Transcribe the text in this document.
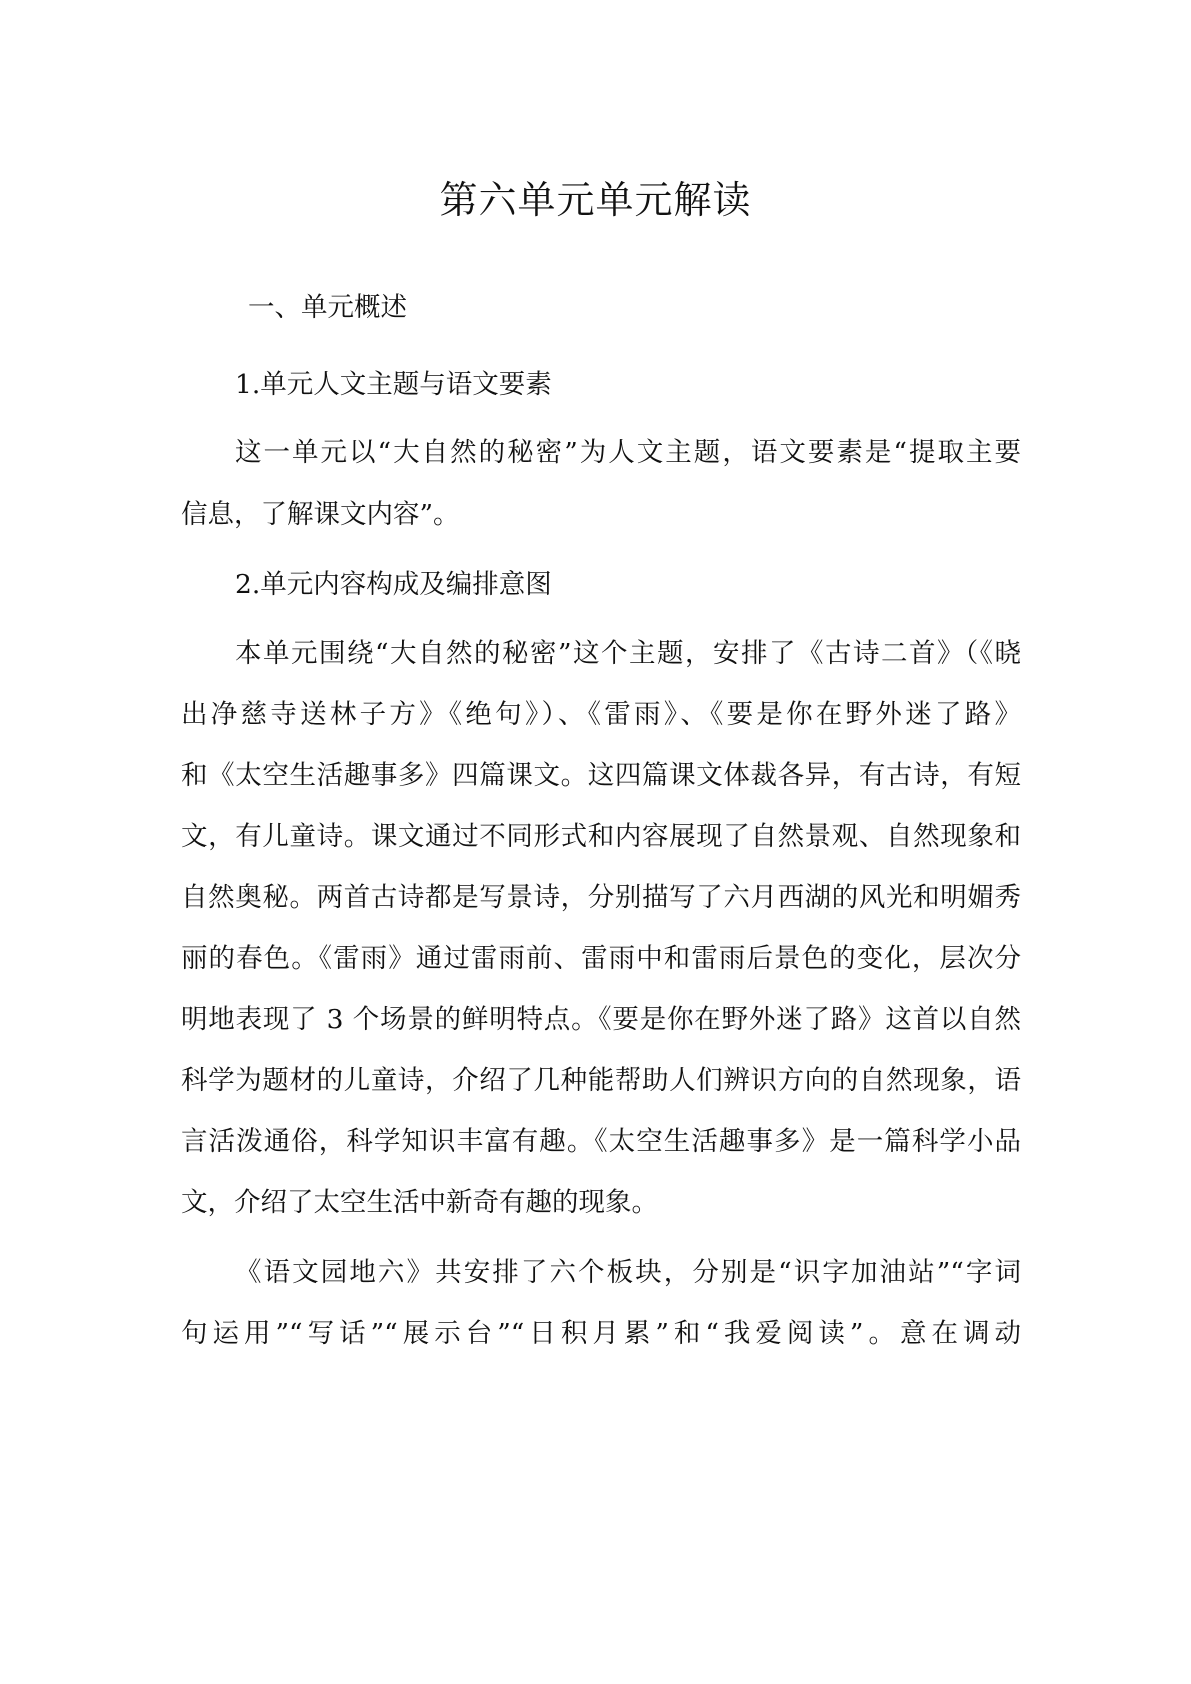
第六单元单元解读
一、单元概述
1.单元人文主题与语文要素
这一单元以“大自然的秘密”为人文主题，语文要素是“提取主要
信息，了解课文内容”。
2.单元内容构成及编排意图
本单元围绕“大自然的秘密”这个主题，安排了《古诗二首》（《晓
出净慈寺送林子方》《绝句》）、《雷雨》、《要是你在野外迷了路》
和《太空生活趣事多》四篇课文。这四篇课文体裁各异，有古诗，有短
文，有儿童诗。课文通过不同形式和内容展现了自然景观、自然现象和
自然奥秘。两首古诗都是写景诗，分别描写了六月西湖的风光和明媚秀
丽的春色。《雷雨》通过雷雨前、雷雨中和雷雨后景色的变化，层次分
明地表现了 3 个场景的鲜明特点。《要是你在野外迷了路》这首以自然
科学为题材的儿童诗，介绍了几种能帮助人们辨识方向的自然现象，语
言活泼通俗，科学知识丰富有趣。《太空生活趣事多》是一篇科学小品
文，介绍了太空生活中新奇有趣的现象。
《语文园地六》共安排了六个板块，分别是“识字加油站”“字词
句运用”“写话”“展示台”“日积月累”和“我爱阅读”。意在调动
